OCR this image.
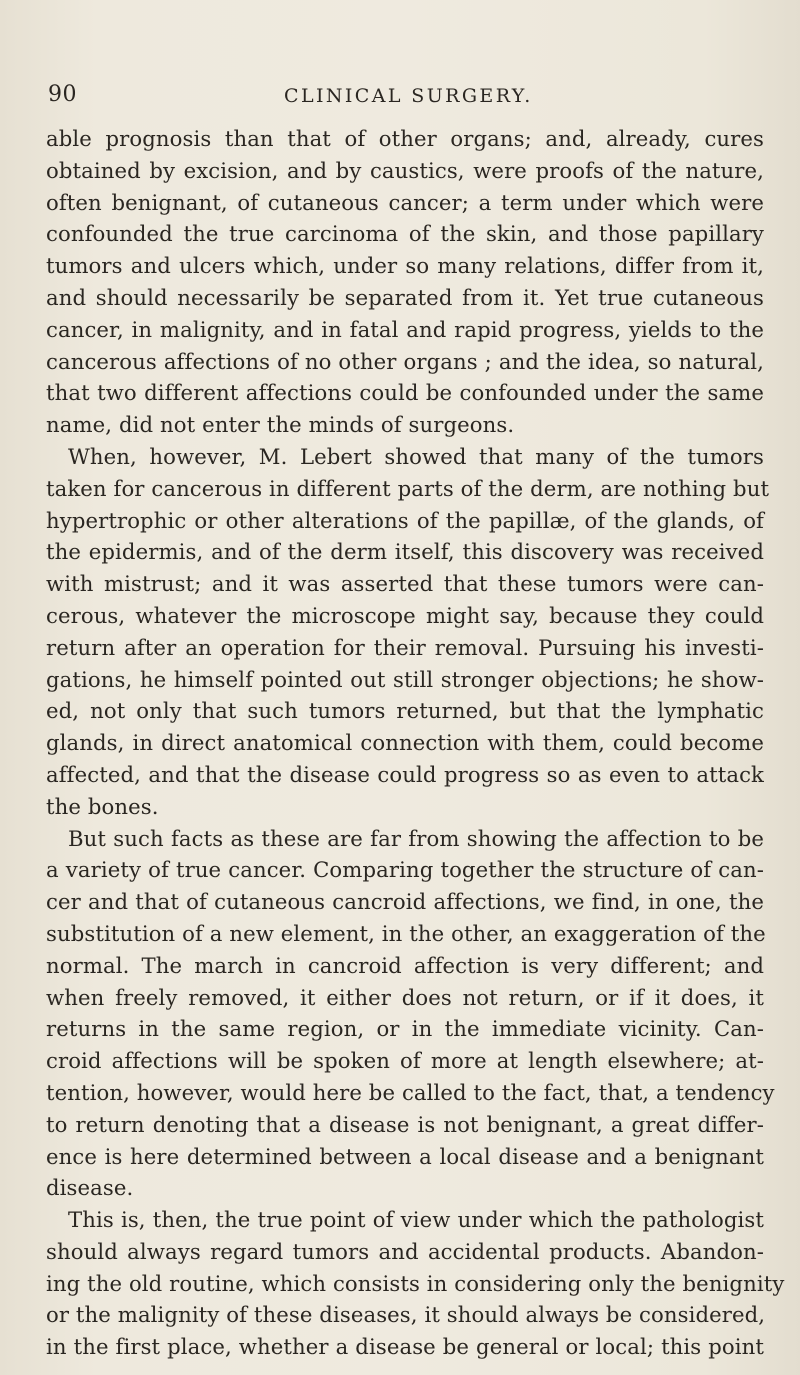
90	CLINICAL SURGERY.
able prognosis than that of other organs; and, already, cures
obtained by excision, and by caustics, were proofs of the nature,
often benignant, of cutaneous cancer; a term under which were
confounded the true carcinoma of the skin, and those papillary
tumors and ulcers which, under so many relations, differ from it,
and should necessarily be separated from it. Yet true cutaneous
cancer, in malignity, and in fatal and rapid progress, yields to the
cancerous affections of no other organs ; and the idea, so natural,
that two different affections could be confounded under the same
name, did not enter the minds of surgeons.
When, however, M. Lebert showed that many of the tumors
taken for cancerous in different parts of the derm, are nothing but
hypertrophic or other alterations of the papillæ, of the glands, of
the epidermis, and of the derm itself, this discovery was received
with mistrust; and it was asserted that these tumors were can-
cerous, whatever the microscope might say, because they could
return after an operation for their removal. Pursuing his investi-
gations, he himself pointed out still stronger objections; he show-
ed, not only that such tumors returned, but that the lymphatic
glands, in direct anatomical connection with them, could become
affected, and that the disease could progress so as even to attack
the bones.
But such facts as these are far from showing the affection to be
a variety of true cancer. Comparing together the structure of can-
cer and that of cutaneous cancroid affections, we find, in one, the
substitution of a new element, in the other, an exaggeration of the
normal. The march in cancroid affection is very different; and
when freely removed, it either does not return, or if it does, it
returns in the same region, or in the immediate vicinity. Can-
croid affections will be spoken of more at length elsewhere; at-
tention, however, would here be called to the fact, that, a tendency
to return denoting that a disease is not benignant, a great differ-
ence is here determined between a local disease and a benignant
disease.
This is, then, the true point of view under which the pathologist
should always regard tumors and accidental products. Abandon-
ing the old routine, which consists in considering only the benignity
or the malignity of these diseases, it should always be considered,
in the first place, whether a disease be general or local; this point
